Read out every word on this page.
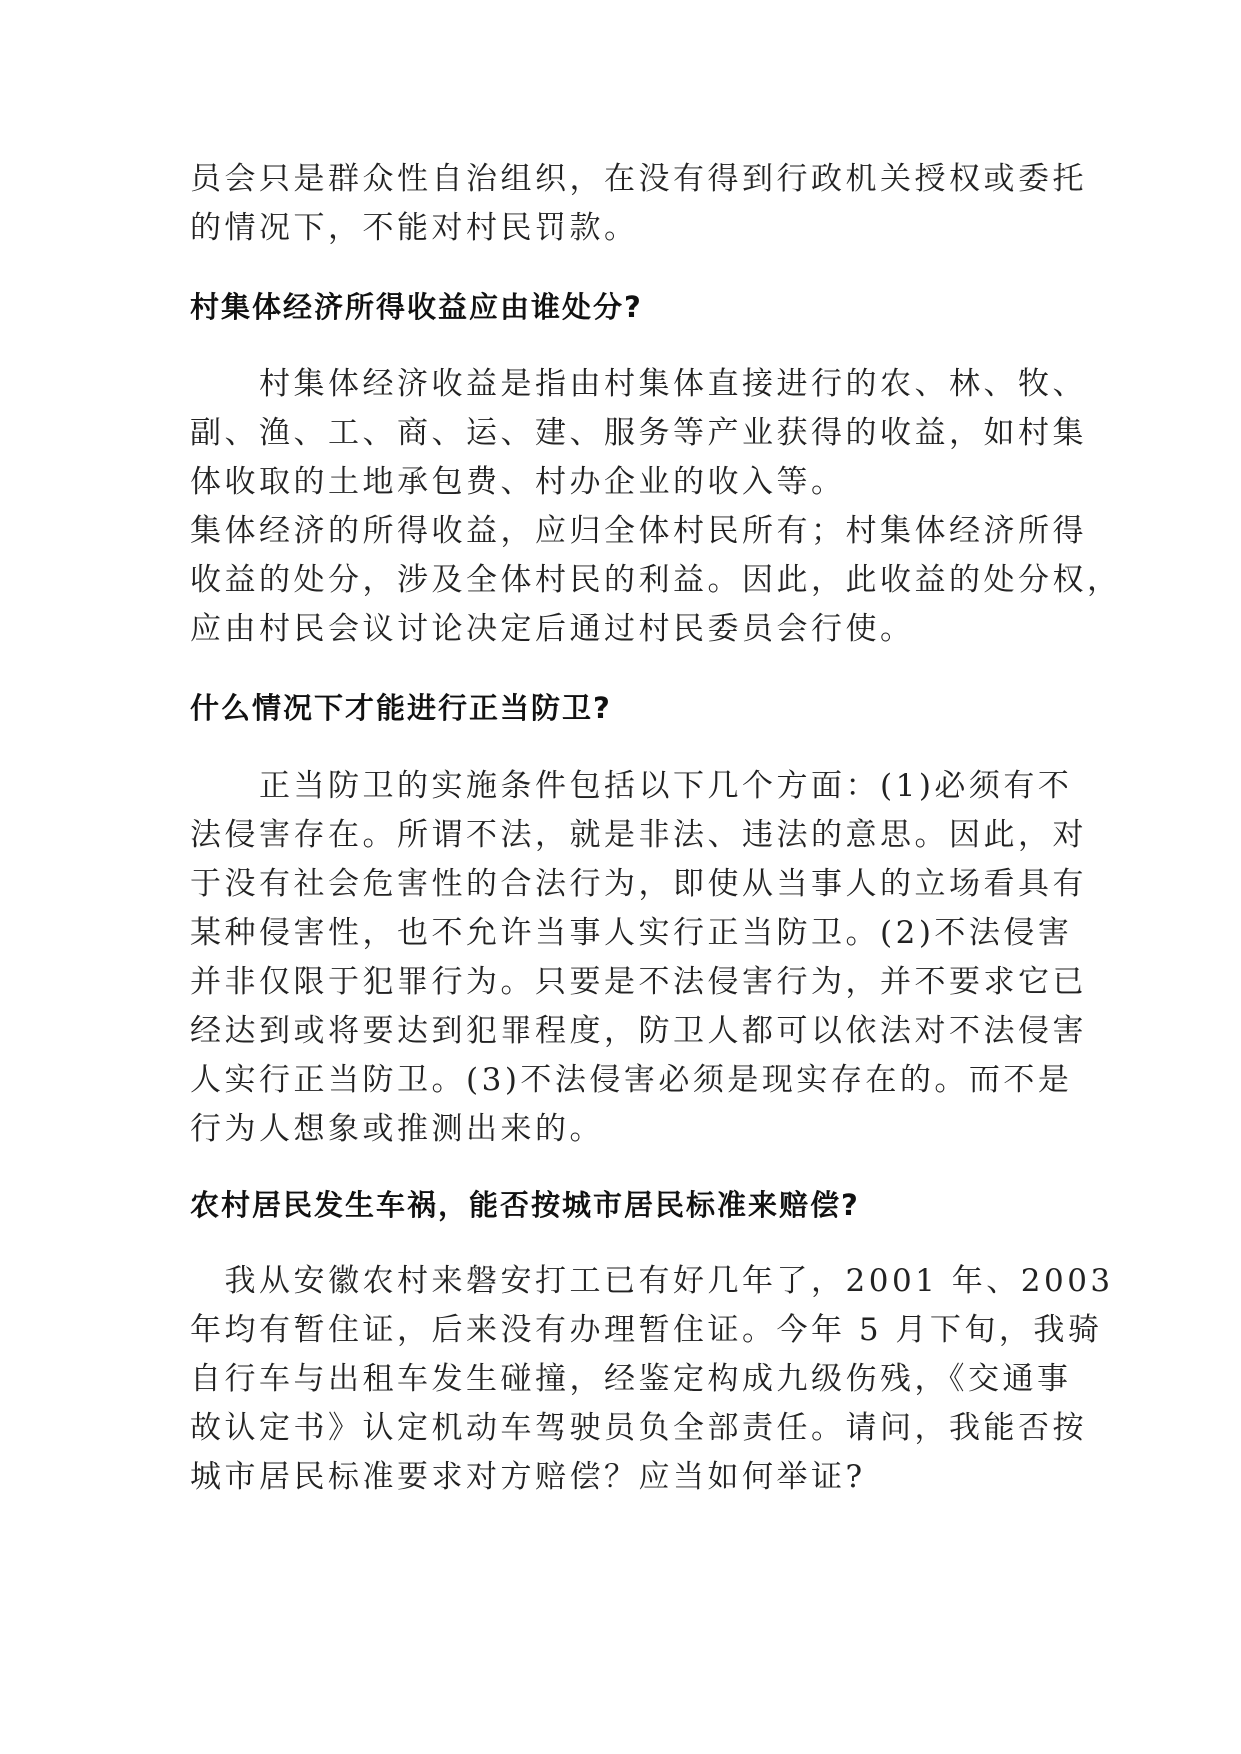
员会只是群众性自治组织，在没有得到行政机关授权或委托
的情况下，不能对村民罚款。
村集体经济所得收益应由谁处分?
　　村集体经济收益是指由村集体直接进行的农、林、牧、
副、渔、工、商、运、建、服务等产业获得的收益，如村集
体收取的土地承包费、村办企业的收入等。
集体经济的所得收益，应归全体村民所有；村集体经济所得
收益的处分，涉及全体村民的利益。因此，此收益的处分权，
应由村民会议讨论决定后通过村民委员会行使。
什么情况下才能进行正当防卫?
　　正当防卫的实施条件包括以下几个方面：(1)必须有不
法侵害存在。所谓不法，就是非法、违法的意思。因此，对
于没有社会危害性的合法行为，即使从当事人的立场看具有
某种侵害性，也不允许当事人实行正当防卫。(2)不法侵害
并非仅限于犯罪行为。只要是不法侵害行为，并不要求它已
经达到或将要达到犯罪程度，防卫人都可以依法对不法侵害
人实行正当防卫。(3)不法侵害必须是现实存在的。而不是
行为人想象或推测出来的。
农村居民发生车祸，能否按城市居民标准来赔偿?
　我从安徽农村来磐安打工已有好几年了，2001 年、2003
年均有暂住证，后来没有办理暂住证。今年 5 月下旬，我骑
自行车与出租车发生碰撞，经鉴定构成九级伤残，《交通事
故认定书》认定机动车驾驶员负全部责任。请问，我能否按
城市居民标准要求对方赔偿？应当如何举证?
